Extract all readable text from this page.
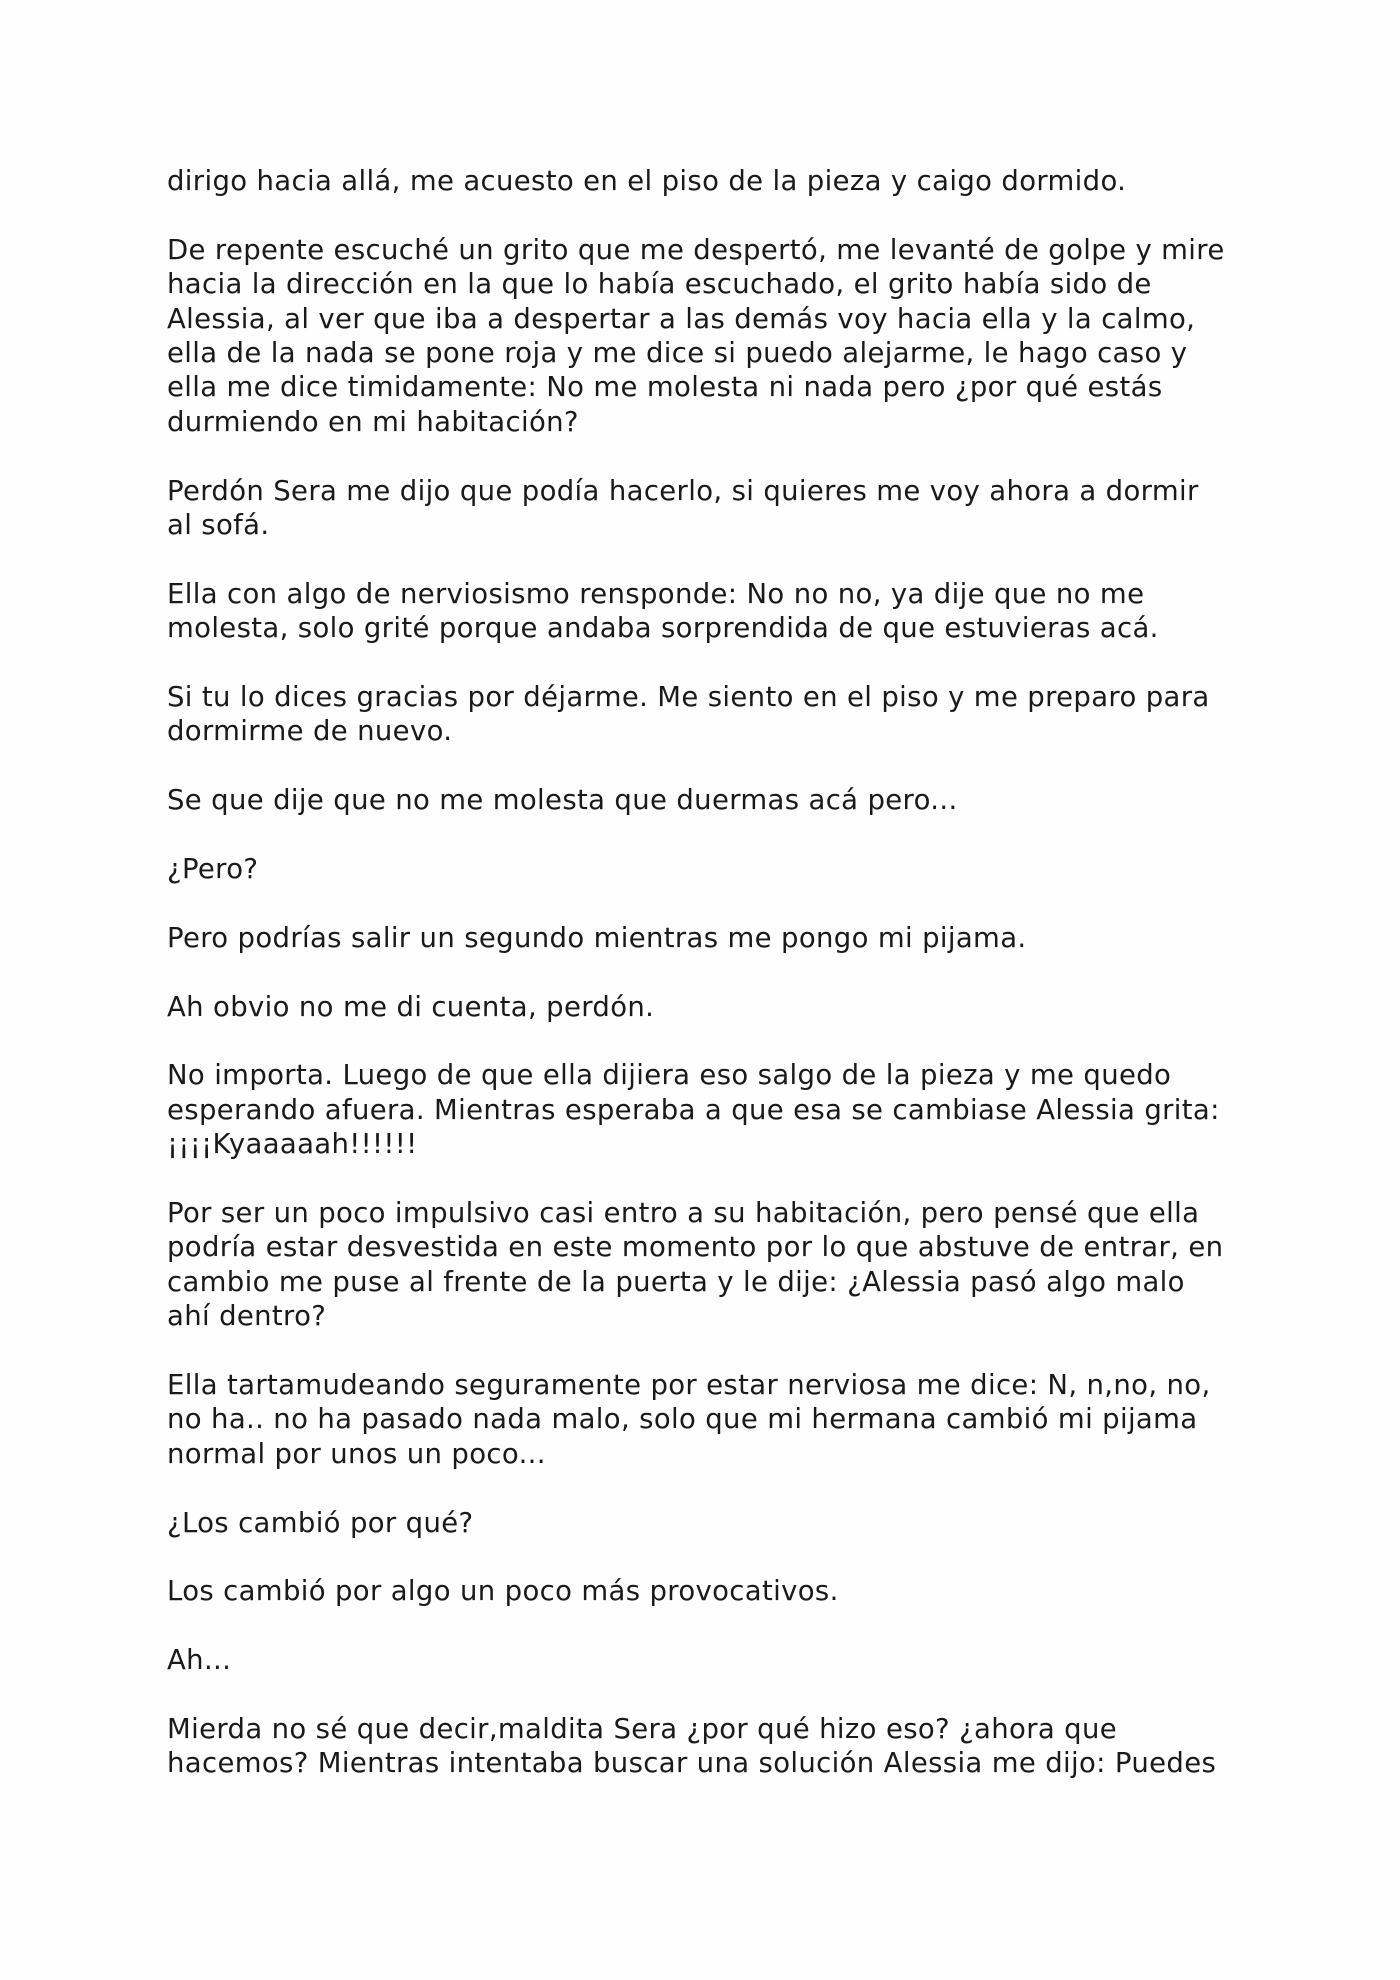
dirigo hacia allá, me acuesto en el piso de la pieza y caigo dormido.

De repente escuché un grito que me despertó, me levanté de golpe y mire
hacia la dirección en la que lo había escuchado, el grito había sido de
Alessia, al ver que iba a despertar a las demás voy hacia ella y la calmo,
ella de la nada se pone roja y me dice si puedo alejarme, le hago caso y
ella me dice timidamente: No me molesta ni nada pero ¿por qué estás
durmiendo en mi habitación?

Perdón Sera me dijo que podía hacerlo, si quieres me voy ahora a dormir
al sofá.

Ella con algo de nerviosismo rensponde: No no no, ya dije que no me
molesta, solo grité porque andaba sorprendida de que estuvieras acá.

Si tu lo dices gracias por déjarme. Me siento en el piso y me preparo para
dormirme de nuevo.

Se que dije que no me molesta que duermas acá pero...

¿Pero?

Pero podrías salir un segundo mientras me pongo mi pijama.

Ah obvio no me di cuenta, perdón.

No importa. Luego de que ella dijiera eso salgo de la pieza y me quedo
esperando afuera. Mientras esperaba a que esa se cambiase Alessia grita:
¡¡¡¡Kyaaaaah!!!!!!

Por ser un poco impulsivo casi entro a su habitación, pero pensé que ella
podría estar desvestida en este momento por lo que abstuve de entrar, en
cambio me puse al frente de la puerta y le dije: ¿Alessia pasó algo malo
ahí dentro?

Ella tartamudeando seguramente por estar nerviosa me dice: N, n,no, no,
no ha.. no ha pasado nada malo, solo que mi hermana cambió mi pijama
normal por unos un poco...

¿Los cambió por qué?

Los cambió por algo un poco más provocativos.

Ah...

Mierda no sé que decir,maldita Sera ¿por qué hizo eso? ¿ahora que
hacemos? Mientras intentaba buscar una solución Alessia me dijo: Puedes
